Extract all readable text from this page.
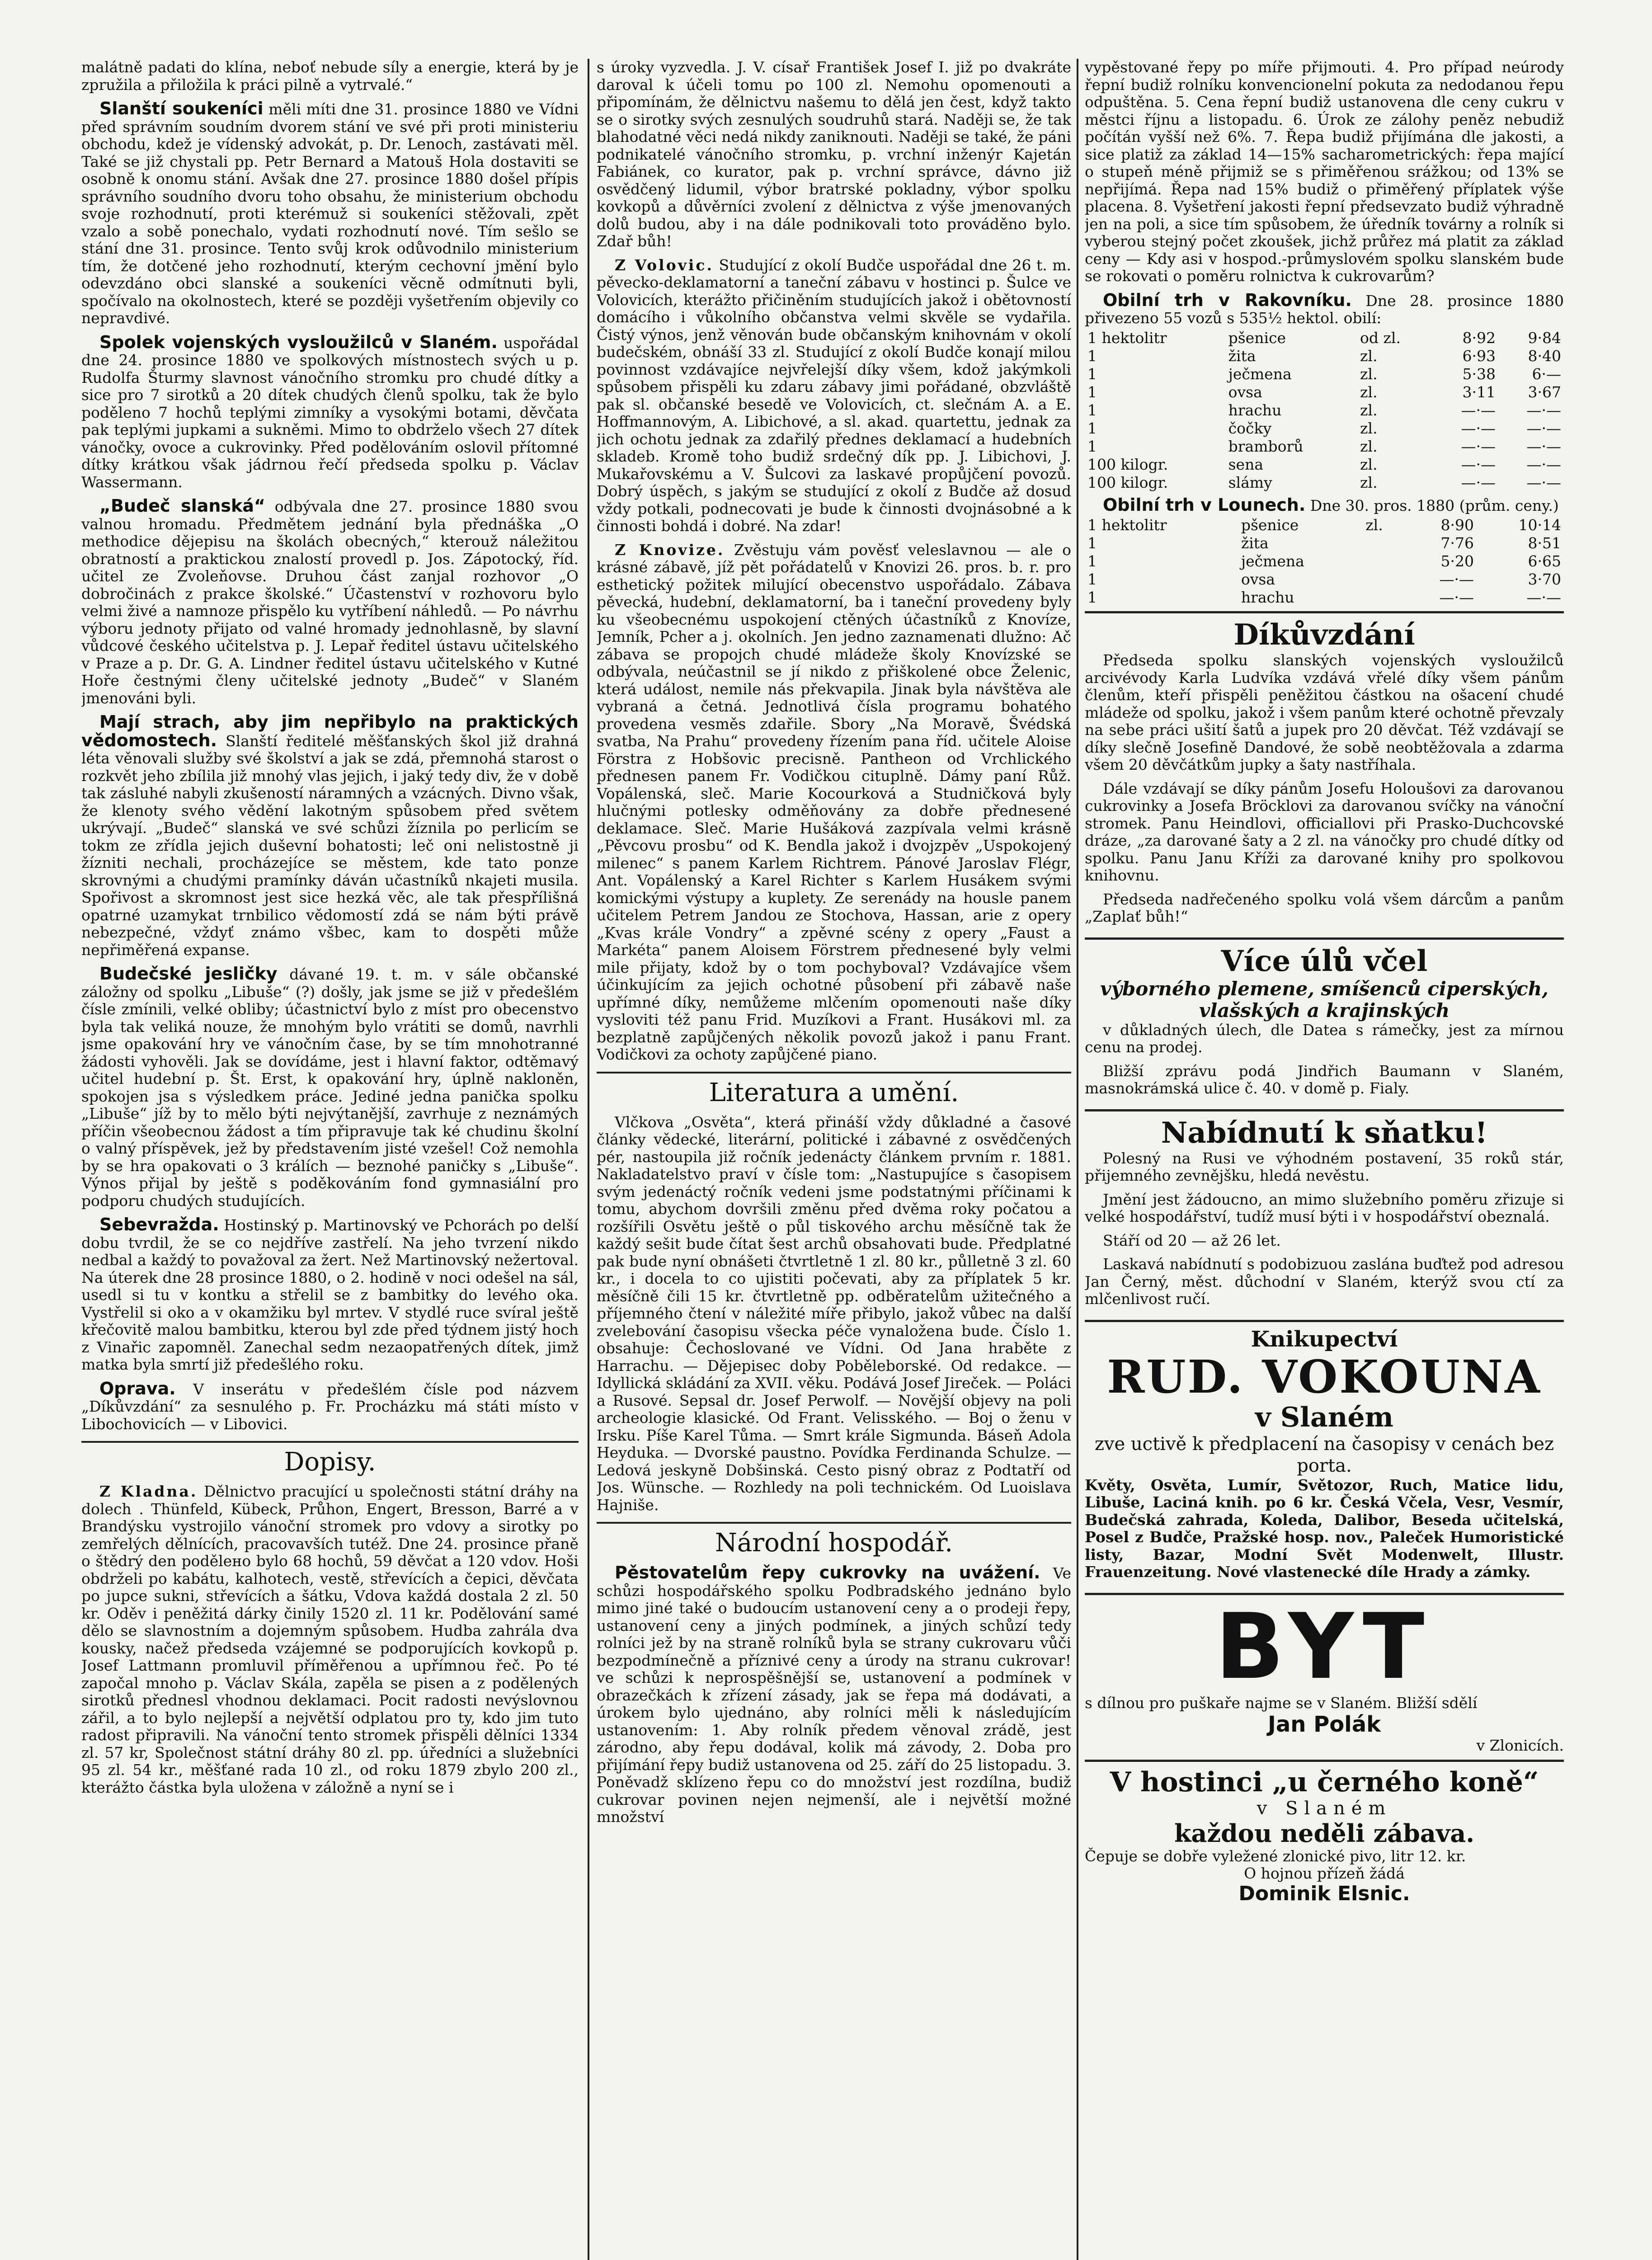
malátně padati do klína, neboť nebude síly a energie, která by je zpružila a přiložila k práci pilně a vytrvalé.“

Slanští soukeníci měli míti dne 31. prosince 1880 ve Vídni před správním soudním dvorem stání ve své při proti ministeriu obchodu, kdež je vídenský advokát, p. Dr. Lenoch, zastávati měl. Také se již chystali pp. Petr Bernard a Matouš Hola dostaviti se osobně k onomu stání. Avšak dne 27. prosince 1880 došel přípis správního soudního dvoru toho obsahu, že ministerium obchodu svoje rozhodnutí, proti kterémuž si soukeníci stěžovali, zpět vzalo a sobě ponechalo, vydati rozhodnutí nové. Tím sešlo se stání dne 31. prosince. Tento svůj krok odůvodnilo ministerium tím, že dotčené jeho rozhodnutí, kterým cechovní jmění bylo odevzdáno obci slanské a soukeníci věcně odmítnuti byli, spočívalo na okolnostech, které se později vyšetřením objevily co nepravdivé.

Spolek vojenských vysloužilců v Slaném. uspořádal dne 24. prosince 1880 ve spolkových místnostech svých u p. Rudolfa Šturmy slavnost vánočního stromku pro chudé dítky a sice pro 7 sirotků a 20 dítek chudých členů spolku, tak že bylo poděleno 7 hochů teplými zimníky a vysokými botami, děvčata pak teplými jupkami a sukněmi. Mimo to obdrželo všech 27 dítek vánočky, ovoce a cukrovinky. Před podělováním oslovil přítomné dítky krátkou však jádrnou řečí předseda spolku p. Václav Wassermann.

„Budeč slanská“ odbývala dne 27. prosince 1880 svou valnou hromadu. Předmětem jednání byla přednáška „O methodice dějepisu na školách obecných,“ kterouž náležitou obratností a praktickou znalostí provedl p. Jos. Zápotocký, říd. učitel ze Zvoleňovse. Druhou část zanjal rozhovor „O dobročinách z prakce školské.“ Účastenství v rozhovoru bylo velmi živé a namnoze přispělo ku vytříbení náhledů. — Po návrhu výboru jednoty přijato od valné hromady jednohlasně, by slavní vůdcové českého učitelstva p. J. Lepař ředitel ústavu učitelského v Praze a p. Dr. G. A. Lindner ředitel ústavu učitelského v Kutné Hoře čestnými členy učitelské jednoty „Budeč“ v Slaném jmenováni byli.

Mají strach, aby jim nepřibylo na praktických vědomostech. Slanští ředitelé měšťanských škol již drahná léta věnovali služby své školství a jak se zdá, přemnohá starost o rozkvět jeho zbílila již mnohý vlas jejich, i jaký tedy div, že v době tak zásluhé nabyli zkušeností náramných a vzácných. Divno však, že klenoty svého vědění lakotným spůsobem před světem ukrývají. „Budeč“ slanská ve své schůzi žíznila po perlicím se tokm ze zřídla jejich duševní bohatosti; leč oni nelistostně ji žízniti nechali, procházejíce se městem, kde tato ponze skrovnými a chudými pramínky dáván učastníků nkajeti musila. Spořivost a skromnost jest sice hezká věc, ale tak přespřílišná opatrné uzamykat trnbilico vědomostí zdá se nám býti právě nebezpečné, vždyť známo všbec, kam to dospěti může nepřiměřená expanse.

Budečské jesličky dávané 19. t. m. v sále občanské záložny od spolku „Libuše“ (?) došly, jak jsme se již v předešlém čísle zmínili, velké obliby; účastnictví bylo z míst pro obecenstvo byla tak veliká nouze, že mnohým bylo vrátiti se domů, navrhli jsme opakování hry ve vánočním čase, by se tím mnohotranné žádosti vyhověli. Jak se dovídáme, jest i hlavní faktor, odtěmavý učitel hudební p. Št. Erst, k opakování hry, úplně nakloněn, spokojen jsa s výsledkem práce. Jediné jedna panička spolku „Libuše“ jíž by to mělo býti nejvýtanější, zavrhuje z neznámých příčin všeobecnou žádost a tím připravuje tak ké chudinu školní o valný příspěvek, jež by představením jisté vzešel! Což nemohla by se hra opakovati o 3 králích — beznohé paničky s „Libuše“. Výnos přijal by ještě s poděkováním fond gymnasiální pro podporu chudých studujících.

Sebevražda. Hostinský p. Martinovský ve Pchorách po delší dobu tvrdil, že se co nejdříve zastřelí. Na jeho tvrzení nikdo nedbal a každý to považoval za žert. Než Martinovský nežertoval. Na úterek dne 28 prosince 1880, o 2. hodině v noci odešel na sál, usedl si tu v kontku a střelil se z bambitky do levého oka. Vystřelil si oko a v okamžiku byl mrtev. V stydlé ruce svíral ještě křečovitě malou bambitku, kterou byl zde před týdnem jistý hoch z Vinařic zapomněl. Zanechal sedm nezaopatřených dítek, jimž matka byla smrtí již předešlého roku.

Oprava. V inserátu v předešlém čísle pod názvem „Díkůvzdání“ za sesnulého p. Fr. Procházku má státi místo v Libochovicích — v Libovici.

Dopisy.

Z Kladna. Dělnictvo pracující u společnosti státní dráhy na dolech . Thünfeld, Kübeck, Průhon, Engert, Bresson, Barré a v Brandýsku vystrojilo vánoční stromek pro vdovy a sirotky po zemřelých dělnících, pracovavších tutéž. Dne 24. prosince přaně o štědrý den podělено bylo 68 hochů, 59 děvčat a 120 vdov. Hoši obdrželi po kabátu, kalhotech, vestě, střevících a čepici, děvčata po jupce sukni, střevících a šátku, Vdova každá dostala 2 zl. 50 kr. Oděv i peněžitá dárky činily 1520 zl. 11 kr. Podělování samé dělo se slavnostním a dojemným spůsobem. Hudba zahrála dva kousky, načež předseda vzájemné se podporujících kovkopů p. Josef Lattmann promluvil příměřenou a upřímnou řeč. Po té započal mnoho p. Václav Skála, zapěla se pisen a z podělených sirotků přednesl vhodnou deklamaci. Pocit radosti nevýslovnou zářil, a to bylo nejlepší a největší odplatou pro ty, kdo jim tuto radost připravili. Na vánoční tento stromek přispěli dělníci 1334 zl. 57 kr, Společnost státní dráhy 80 zl. pp. úředníci a služebníci 95 zl. 54 kr., měšťané rada 10 zl., od roku 1879 zbylo 200 zl., kterážto částka byla uložena v záložně a nyní se i

s úroky vyzvedla. J. V. císař František Josef I. již po dvakráte daroval k účeli tomu po 100 zl. Nemohu opomenouti a připomínám, že dělnictvu našemu to dělá jen čest, když takto se o sirotky svých zesnulých soudruhů stará. Naději se, že tak blahodatné věci nedá nikdy zaniknouti. Naději se také, že páni podnikatelé vánočního stromku, p. vrchní inženýr Kajetán Fabiánek, co kurator, pak p. vrchní správce, dávno již osvědčený lidumil, výbor bratrské pokladny, výbor spolku kovkopů a důvěrníci zvolení z dělnictva z výše jmenovaných dolů budou, aby i na dále podnikovali toto prováděno bylo. Zdař bůh!

Z Volovic. Studující z okolí Budče uspořádal dne 26 t. m. pěvecko-deklamatorní a taneční zábavu v hostinci p. Šulce ve Volovicích, kterážto přičiněním studujících jakož i obětovností domácího i vůkolního občanstva velmi skvěle se vydařila. Čistý výnos, jenž věnován bude občanským knihovnám v okolí budečském, obnáší 33 zl. Studující z okolí Budče konají milou povinnost vzdávajíce nejvřelejší díky všem, kdož jakýmkoli spůsobem přispěli ku zdaru zábavy jimi pořádané, obzvláště pak sl. občanské besedě ve Volovicích, ct. slečnám A. a E. Hoffmannovým, A. Libichové, a sl. akad. quartettu, jednak za jich ochotu jednak za zdařilý přednes deklamací a hudebních skladeb. Kromě toho budiž srdečný dík pp. J. Libichovi, J. Mukařovskému a V. Šulcovi za laskavé propůjčení povozů. Dobrý úspěch, s jakým se studující z okolí z Budče až dosud vždy potkali, podnecovati je bude k činnosti dvojnásobné a k činnosti bohdá i dobré. Na zdar!

Z Knovize. Zvěstuju vám pověsť veleslavnou — ale o krásné zábavě, jíž pět pořádatelů v Knovizi 26. pros. b. r. pro esthetický požitek milující obecenstvo uspořádalo. Zábava pěvecká, hudební, deklamatorní, ba i taneční provedeny byly ku všeobecnému uspokojení ctěných účastníků z Knovíze, Jemník, Pcher a j. okolních. Jen jedno zaznamenati dlužno: Ač zábava se propojch chudé mládeže školy Knovízské se odbývala, neúčastnil se jí nikdo z přiškolené obce Želenic, která událost, nemile nás překvapila. Jinak byla návštěva ale vybraná a četná. Jednotlivá čísla programu bohatého provedena vesměs zdařile. Sbory „Na Moravě, Švédská svatba, Na Prahu“ provedeny řízením pana říd. učitele Aloise Förstra z Hobšovic precisně. Pantheon od Vrchlického přednesen panem Fr. Vodičkou cituplně. Dámy paní Růž. Vopálenská, sleč. Marie Kocourková a Studničková byly hlučnými potlesky odměňovány za dobře přednesené deklamace. Sleč. Marie Hušáková zazpívala velmi krásně „Pěvcovu prosbu“ od K. Bendla jakož i dvojzpěv „Uspokojený milenec“ s panem Karlem Richtrem. Pánové Jaroslav Flégr, Ant. Vopálenský a Karel Richter s Karlem Husákem svými komickými výstupy a kuplety. Ze serenády na housle panem učitelem Petrem Jandou ze Stochova, Hassan, arie z opery „Kvas krále Vondry“ a zpěvné scény z opery „Faust a Markéta“ panem Aloisem Förstrem přednesené byly velmi mile přijaty, kdož by o tom pochyboval? Vzdávajíce všem účinkujícím za jejich ochotné působení při zábavě naše upřímné díky, nemůžeme mlčením opomenouti naše díky vysloviti též panu Frid. Muzíkovi a Frant. Husákovi ml. za bezplatně zapůjčených několik povozů jakož i panu Frant. Vodičkovi za ochoty zapůjčené piano.

Literatura a umění.

Vlčkova „Osvěta“, která přináší vždy důkladné a časové články vědecké, literární, politické i zábavné z osvědčených pér, nastoupila již ročník jedenácty článkem prvním r. 1881. Nakladatelstvo praví v čísle tom: „Nastupujíce s časopisem svým jedenáctý ročník vedeni jsme podstatnými příčinami k tomu, abychom dovršili změnu před dvěma roky počatou a rozšířili Osvětu ještě o půl tiskového archu měsíčně tak že každý sešit bude čítat šest archů obsahovati bude. Předplatné pak bude nyní obnášeti čtvrtletně 1 zl. 80 kr., půlletně 3 zl. 60 kr., i docela to co ujistiti počevati, aby za příplatek 5 kr. měsíčně čili 15 kr. čtvrtletně pp. odběratelům užitečného a příjemného čtení v náležité míře přibylo, jakož vůbec na další zvelebování časopisu všecka péče vynaložena bude. Číslo 1. obsahuje: Čechoslované ve Vídni. Od Jana hraběte z Harrachu. — Dějepisec doby Poběleborské. Od redakce. — Idyllická skládání za XVII. věku. Podává Josef Jireček. — Poláci a Rusové. Sepsal dr. Josef Perwolf. — Novější objevy na poli archeologie klasické. Od Frant. Velisského. — Boj o ženu v Irsku. Píše Karel Tůma. — Smrt krále Sigmunda. Báseň Adola Heyduka. — Dvorské paustno. Povídka Ferdinanda Schulze. — Ledová jeskyně Dobšinská. Cesto pisný obraz z Podtatří od Jos. Wünsche. — Rozhledy na poli technickém. Od Luoislava Hajniše.

Národní hospodář.

Pěstovatelům řepy cukrovky na uvážení. Ve schůzi hospodářského spolku Podbradského jednáno bylo mimo jiné také o budoucím ustanovení ceny a o prodeji řepy, ustanovení ceny a jiných podmínek, a jiných schůzí tedy rolníci jež by na straně rolníků byla se strany cukrovaru vůči bezpodmínečně a příznivé ceny a úrody na stranu cukrovar! ve schůzi k neprospěšnější se, ustanovení a podmínek v obrazečkách k zřízení zásady, jak se řepa má dodávati, a úrokem bylo ujednáno, aby rolníci měli k následujícím ustanovením: 1. Aby rolník předem věnoval zrádě, jest zárodno, aby řepu dodával, kolik má závody, 2. Doba pro přijímání řepy budiž ustanovena od 25. září do 25 listopadu. 3. Poněvadž sklízeno řepu co do množství jest rozdílna, budiž cukrovar povinen nejen nejmenší, ale i největší možné množství

vypěstované řepy po míře přijmouti. 4. Pro případ neúrody řepní budiž rolníku konvencionelní pokuta za nedodanou řepu odpuštěna. 5. Cena řepní budiž ustanovena dle ceny cukru v městci říjnu a listopadu. 6. Úrok ze zálohy peněz nebudiž počítán vyšší než 6%. 7. Řepa budiž přijímána dle jakosti, a sice platiž za základ 14—15% sacharometrických: řepa mající o stupeň méně přijmiž se s přiměřenou srážkou; od 13% se nepřijímá. Řepa nad 15% budiž o přiměřený příplatek výše placena. 8. Vyšetření jakosti řepní předsevzato budiž výhradně jen na poli, a sice tím spůsobem, že úředník továrny a rolník si vyberou stejný počet zkoušek, jichž průřez má platit za základ ceny — Kdy asi v hospod.-průmyslovém spolku slanském bude se rokovati o poměru rolnictva k cukrovarům?

Obilní trh v Rakovníku. Dne 28. prosince 1880 přivezeno 55 vozů s 535½ hektol. obilí:

1 hektolitr	pšenice	od zl.	8·92	9·84
1	žita	zl.	6·93	8·40
1	ječmena	zl.	5·38	6·—
1	ovsa	zl.	3·11	3·67
1	hrachu	zl.	—·—	—·—
1	čočky	zl.	—·—	—·—
1	bramborů	zl.	—·—	—·—
100 kilogr.	sena	zl.	—·—	—·—
100 kilogr.	slámy	zl.	—·—	—·—

Obilní trh v Lounech. Dne 30. pros. 1880 (prům. ceny.)

1 hektolitr	pšenice	zl.	8·90	10·14
1	žita		7·76	8·51
1	ječmena		5·20	6·65
1	ovsa		—·—	3·70
1	hrachu		—·—	—·—
Díkůvzdání

Předseda spolku slanských vojenských vysloužilců arcivévody Karla Ludvíka vzdává vřelé díky všem pánům členům, kteří přispěli peněžitou částkou na ošacení chudé mládeže od spolku, jakož i všem panům které ochotně převzaly na sebe práci ušití šatů a jupek pro 20 děvčat. Též vzdávají se díky slečně Josefině Dandové, že sobě neobtěžovala a zdarma všem 20 děvčátkům jupky a šaty nastříhala.

Dále vzdávají se díky pánům Josefu Holoušovi za darovanou cukrovinky a Josefa Bröcklovi za darovanou svíčky na vánoční stromek. Panu Heindlovi, officiallovi při Prasko-Duchcovské dráze, „za darované šaty a 2 zl. na vánočky pro chudé dítky od spolku. Panu Janu Kříži za darované knihy pro spolkovou knihovnu.

Předseda nadřečeného spolku volá všem dárcům a panům „Zaplať bůh!“

Více úlů včel
výborného plemene, smíšenců ciperských, vlašských a krajinských

v důkladných úlech, dle Datea s rámečky, jest za mírnou cenu na prodej.

Bližší zprávu podá Jindřich Baumann v Slaném, masnokrámská ulice č. 40. v domě p. Fialy.

Nabídnutí k sňatku!

Polesný na Rusi ve výhodném postavení, 35 roků stár, přijemného zevnějšku, hledá nevěstu.

Jmění jest žádoucno, an mimo služebního poměru zřizuje si velké hospodářství, tudíž musí býti i v hospodářství obeznalá.

Stáří od 20 — až 26 let.

Laskavá nabídnutí s podobizuou zaslána buďtež pod adresou Jan Černý, měst. důchodní v Slaném, kterýž svou ctí za mlčenlivost ručí.

Knikupectví
RUD. VOKOUNA
v Slaném
zve uctivě k předplacení na časopisy v cenách bez porta.

Květy, Osvěta, Lumír, Světozor, Ruch, Matice lidu, Libuše, Laciná knih. po 6 kr. Česká Včela, Vesr, Vesmír, Budečská zahrada, Koleda, Dalibor, Beseda učitelská, Posel z Budče, Pražské hosp. nov., Paleček Humoristické listy, Bazar, Modní Svět Modenwelt, Illustr. Frauenzeitung. Nové vlastenecké díle Hrady a zámky.

BYT
s dílnou pro puškaře najme se v Slaném. Bližší sdělí
Jan Polák
v Zlonicích.
V hostinci „u černého koně“
v Slaném
každou neděli zábava.
Čepuje se dobře vyležené zlonické pivo, litr 12. kr.
O hojnou přízeň žádá
Dominik Elsnic.
